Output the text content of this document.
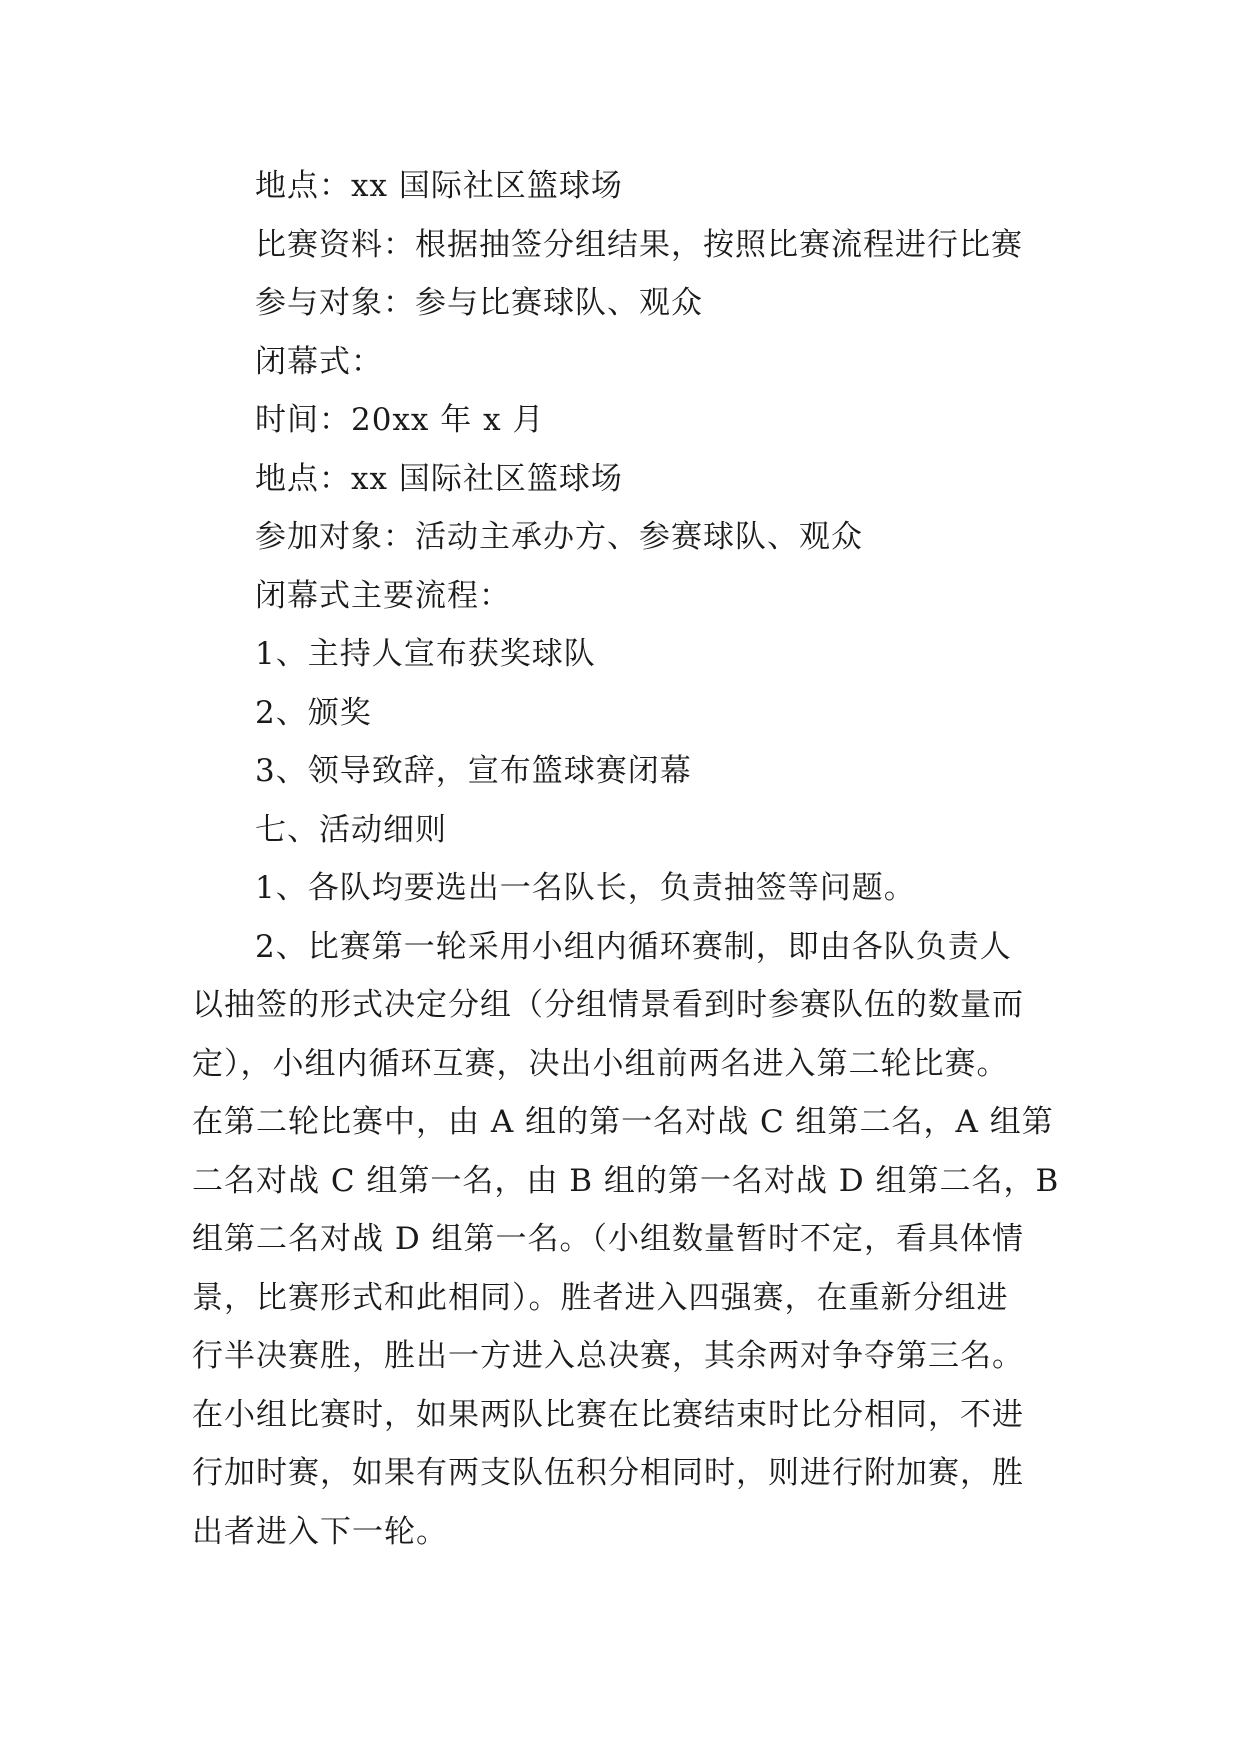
地点：xx 国际社区篮球场
比赛资料：根据抽签分组结果，按照比赛流程进行比赛
参与对象：参与比赛球队、观众
闭幕式：
时间：20xx 年 x 月
地点：xx 国际社区篮球场
参加对象：活动主承办方、参赛球队、观众
闭幕式主要流程：
1、主持人宣布获奖球队
2、颁奖
3、领导致辞，宣布篮球赛闭幕
七、活动细则
1、各队均要选出一名队长，负责抽签等问题。
2、比赛第一轮采用小组内循环赛制，即由各队负责人
以抽签的形式决定分组（分组情景看到时参赛队伍的数量而
定），小组内循环互赛，决出小组前两名进入第二轮比赛。
在第二轮比赛中，由 A 组的第一名对战 C 组第二名，A 组第
二名对战 C 组第一名，由 B 组的第一名对战 D 组第二名，B
组第二名对战 D 组第一名。（小组数量暂时不定，看具体情
景，比赛形式和此相同）。胜者进入四强赛，在重新分组进
行半决赛胜，胜出一方进入总决赛，其余两对争夺第三名。
在小组比赛时，如果两队比赛在比赛结束时比分相同，不进
行加时赛，如果有两支队伍积分相同时，则进行附加赛，胜
出者进入下一轮。
